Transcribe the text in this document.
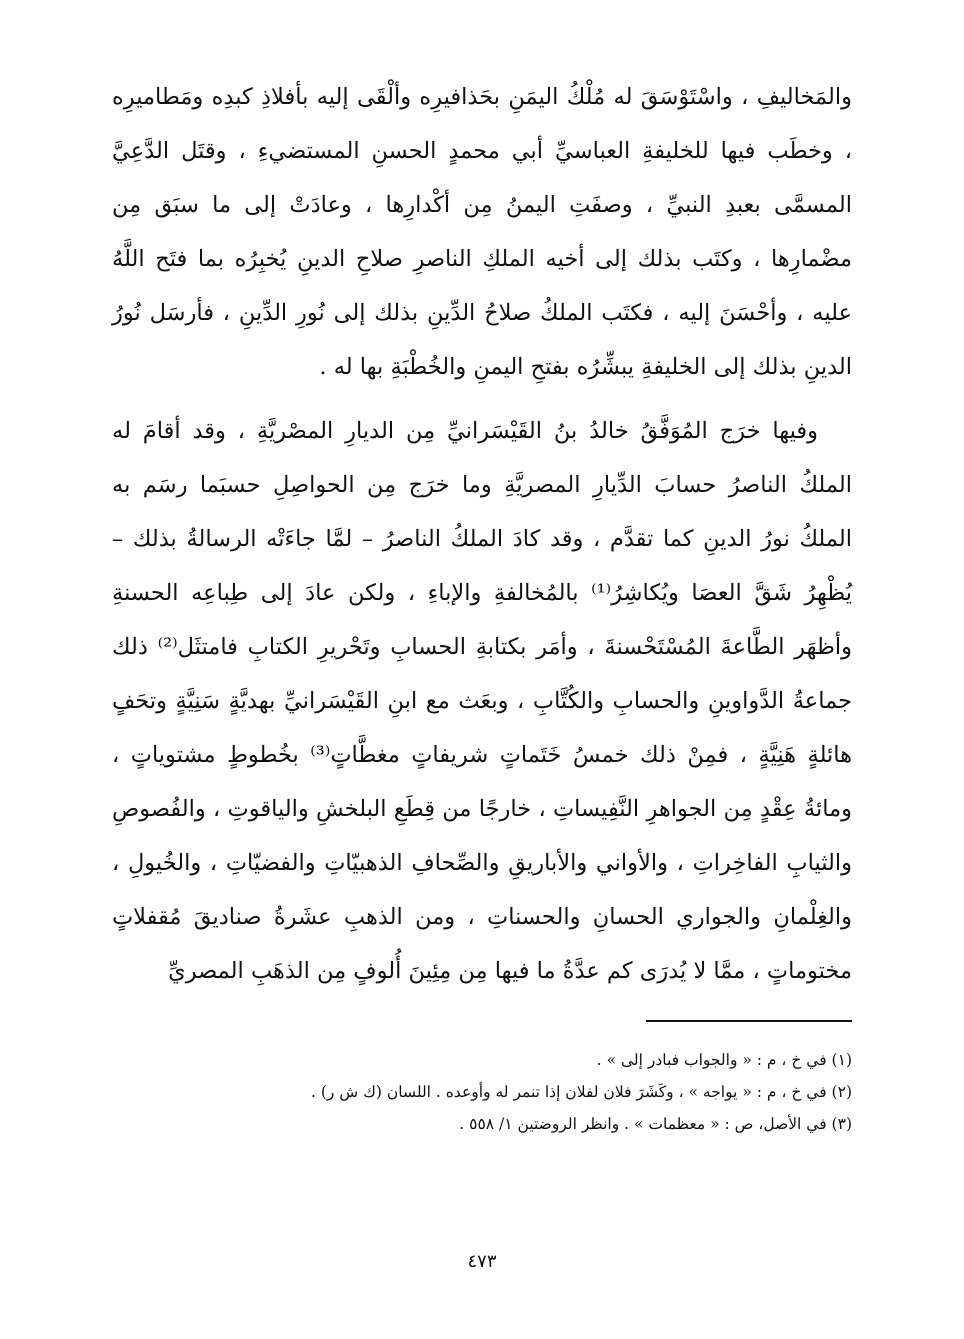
والمَخاليفِ ، واسْتَوْسَقَ له مُلْكُ اليمَنِ بحَذافيرِه وألْقَى إليه بأفلاذِ كبدِه ومَطاميرِه ، وخطَب فيها للخليفةِ العباسيِّ أبي محمدٍ الحسنِ المستضيءِ ، وقتَل الدَّعِيَّ المسمَّى بعبدِ النبيِّ ، وصفَتِ اليمنُ مِن أكْدارِها ، وعادَتْ إلى ما سبَق مِن مضْمارِها ، وكتَب بذلك إلى أخيه الملكِ الناصرِ صلاحِ الدينِ يُخبِرُه بما فتَح اللَّهُ عليه ، وأحْسَنَ إليه ، فكتَب الملكُ صلاحُ الدِّينِ بذلك إلى نُورِ الدِّينِ ، فأرسَل نُورُ الدينِ بذلك إلى الخليفةِ يبشِّرُه بفتحِ اليمنِ والخُطْبَةِ بها له .

وفيها خرَج المُوَفَّقُ خالدُ بنُ القَيْسَرانيِّ مِن الديارِ المصْريَّةِ ، وقد أقامَ له الملكُ الناصرُ حسابَ الدِّيارِ المصريَّةِ وما خرَج مِن الحواصِلِ حسبَما رسَم به الملكُ نورُ الدينِ كما تقدَّم ، وقد كادَ الملكُ الناصرُ – لمَّا جاءَتْه الرسالةُ بذلك – يُظْهِرُ شَقَّ العصَا ويُكاشِرُ⁽¹⁾ بالمُخالفةِ والإباءِ ، ولكن عادَ إلى طِباعِه الحسنةِ وأظهَر الطَّاعةَ المُسْتَحْسنةَ ، وأمَر بكتابةِ الحسابِ وتَحْريرِ الكتابِ فامتثَل⁽²⁾ ذلك جماعةُ الدَّواوينِ والحسابِ والكُتَّابِ ، وبعَث مع ابنِ القَيْسَرانيِّ بهديَّةٍ سَنِيَّةٍ وتحَفٍ هائلةٍ هَنِيَّةٍ ، فمِنْ ذلك خمسُ خَتَماتٍ شريفاتٍ مغطَّاتٍ⁽³⁾ بخُطوطٍ مشتوياتٍ ، ومائةُ عِقْدٍ مِن الجواهرِ النَّفِيساتِ ، خارجًا من قِطَعِ البلخشِ والياقوتِ ، والفُصوصِ والثيابِ الفاخِراتِ ، والأواني والأباريقِ والصِّحافِ الذهبيّاتِ والفضيّاتِ ، والخُيولِ ، والغِلْمانِ والجواري الحسانِ والحسناتِ ، ومن الذهبِ عشَرةُ صناديقَ مُقفلاتٍ مختوماتٍ ، ممَّا لا يُدرَى كم عدَّةُ ما فيها مِن مِئِينَ أُلوفٍ مِن الذهَبِ المصريِّ

(١) في خ ، م : « والجواب فبادر إلى » .

(٢) في خ ، م : « يواجه » ، وكَشَرَ فلان لفلان إذا تنمر له وأوعده . اللسان (ك ش ر) .

(٣) في الأصل، ص : « معظمات » . وانظر الروضتين ١/ ٥٥٨ .

٤٧٣
